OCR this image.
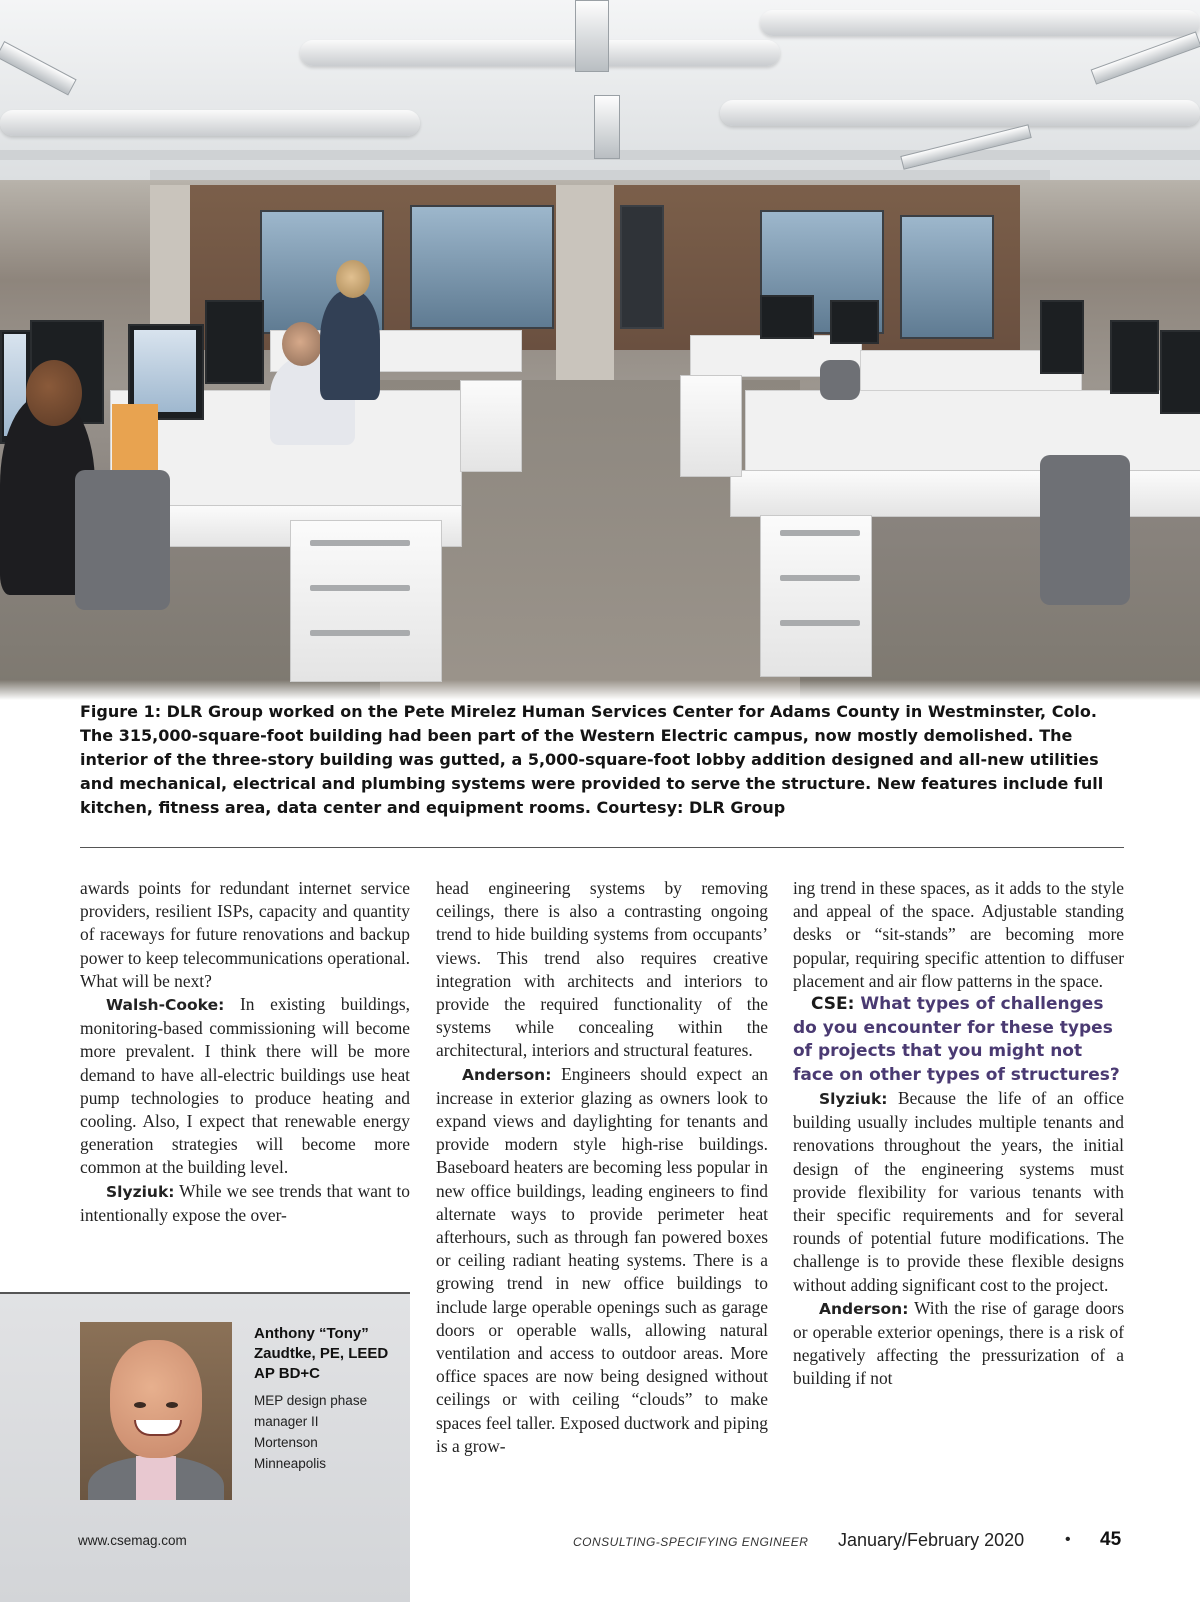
Figure 1: DLR Group worked on the Pete Mirelez Human Services Center for Adams County in Westminster, Colo. The 315,000-square-foot building had been part of the Western Electric campus, now mostly demolished. The interior of the three-story building was gutted, a 5,000-square-foot lobby addition designed and all-new utilities and mechanical, electrical and plumbing systems were provided to serve the structure. New features include full kitchen, fitness area, data center and equipment rooms. Courtesy: DLR Group

awards points for redundant internet service providers, resilient ISPs, capacity and quantity of raceways for future renovations and backup power to keep telecommunications operational. What will be next?

Walsh-Cooke: In existing buildings, monitoring-based commissioning will become more prevalent. I think there will be more demand to have all-electric buildings use heat pump technologies to produce heating and cooling. Also, I expect that renewable energy generation strategies will become more common at the building level.

Slyziuk: While we see trends that want to intentionally expose the over-

head engineering systems by removing ceilings, there is also a contrasting ongoing trend to hide building systems from occupants’ views. This trend also requires creative integration with architects and interiors to provide the required functionality of the systems while concealing within the architectural, interiors and structural features.

Anderson: Engineers should expect an increase in exterior glazing as owners look to expand views and daylighting for tenants and provide modern style high-rise buildings. Baseboard heaters are becoming less popular in new office buildings, leading engineers to find alternate ways to provide perimeter heat afterhours, such as through fan powered boxes or ceiling radiant heating systems. There is a growing trend in new office buildings to include large operable openings such as garage doors or operable walls, allowing natural ventilation and access to outdoor areas. More office spaces are now being designed without ceilings or with ceiling “clouds” to make spaces feel taller. Exposed ductwork and piping is a grow-

ing trend in these spaces, as it adds to the style and appeal of the space. Adjustable standing desks or “sit-stands” are becoming more popular, requiring specific attention to diffuser placement and air flow patterns in the space.

CSE: What types of challenges do you encounter for these types of projects that you might not face on other types of structures?

Slyziuk: Because the life of an office building usually includes multiple tenants and renovations throughout the years, the initial design of the engineering systems must provide flexibility for various tenants with their specific requirements and for several rounds of potential future modifications. The challenge is to provide these flexible designs without adding significant cost to the project.

Anderson: With the rise of garage doors or operable exterior openings, there is a risk of negatively affecting the pressurization of a building if not

Anthony “Tony” Zaudtke, PE, LEED AP BD+C
MEP design phase manager II
Mortenson
Minneapolis
www.csemag.com	CONSULTING-SPECIFYING ENGINEER January/February 2020	• 45
